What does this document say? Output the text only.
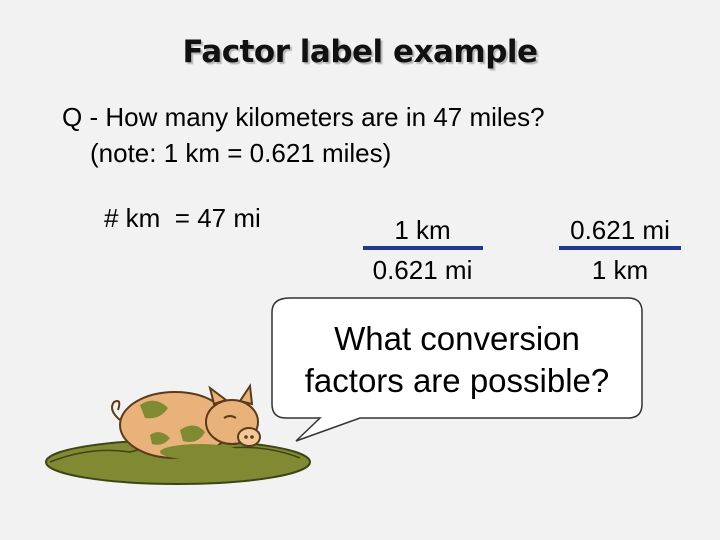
Factor label example
Q - How many kilometers are in 47 miles?
(note: 1 km = 0.621 miles)
# km  = 47 mi	1 km
0.621 mi
0.621 mi
1 km
What conversion
factors are possible?
